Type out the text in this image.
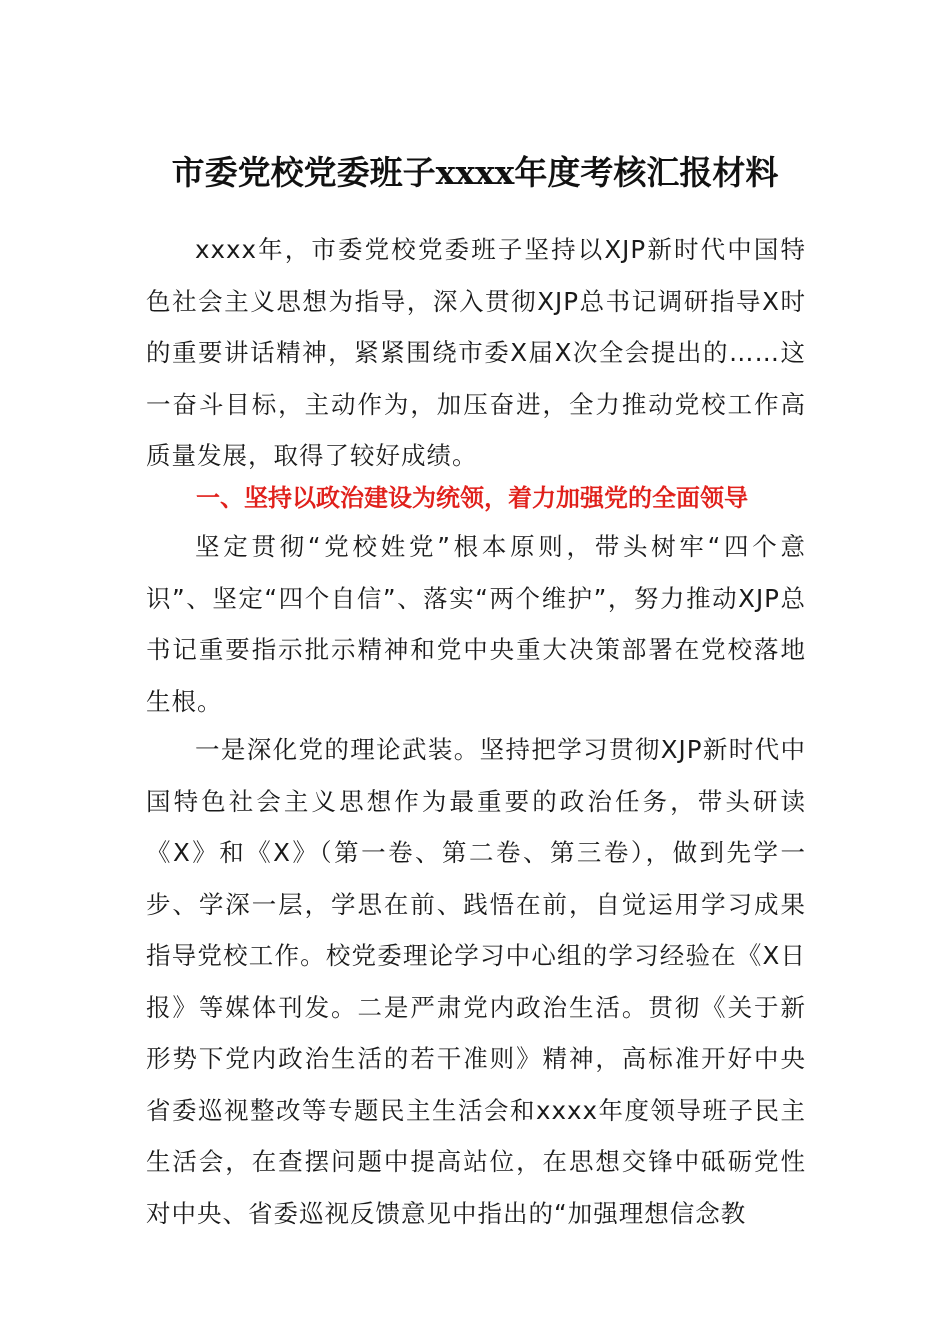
市委党校党委班子xxxx年度考核汇报材料

xxxx年，市委党校党委班子坚持以XJP新时代中国特色社会主义思想为指导，深入贯彻XJP总书记调研指导X时的重要讲话精神，紧紧围绕市委X届X次全会提出的……这一奋斗目标，主动作为，加压奋进，全力推动党校工作高质量发展，取得了较好成绩。

一、坚持以政治建设为统领，着力加强党的全面领导

坚定贯彻“党校姓党”根本原则，带头树牢“四个意识”、坚定“四个自信”、落实“两个维护”，努力推动XJP总书记重要指示批示精神和党中央重大决策部署在党校落地生根。

一是深化党的理论武装。坚持把学习贯彻XJP新时代中国特色社会主义思想作为最重要的政治任务，带头研读《X》和《X》（第一卷、第二卷、第三卷），做到先学一步、学深一层，学思在前、践悟在前，自觉运用学习成果指导党校工作。校党委理论学习中心组的学习经验在《X日报》等媒体刊发。二是严肃党内政治生活。贯彻《关于新形势下党内政治生活的若干准则》精神，高标准开好中央省委巡视整改等专题民主生活会和xxxx年度领导班子民主生活会，在查摆问题中提高站位，在思想交锋中砥砺党性对中央、省委巡视反馈意见中指出的“加强理想信念教
